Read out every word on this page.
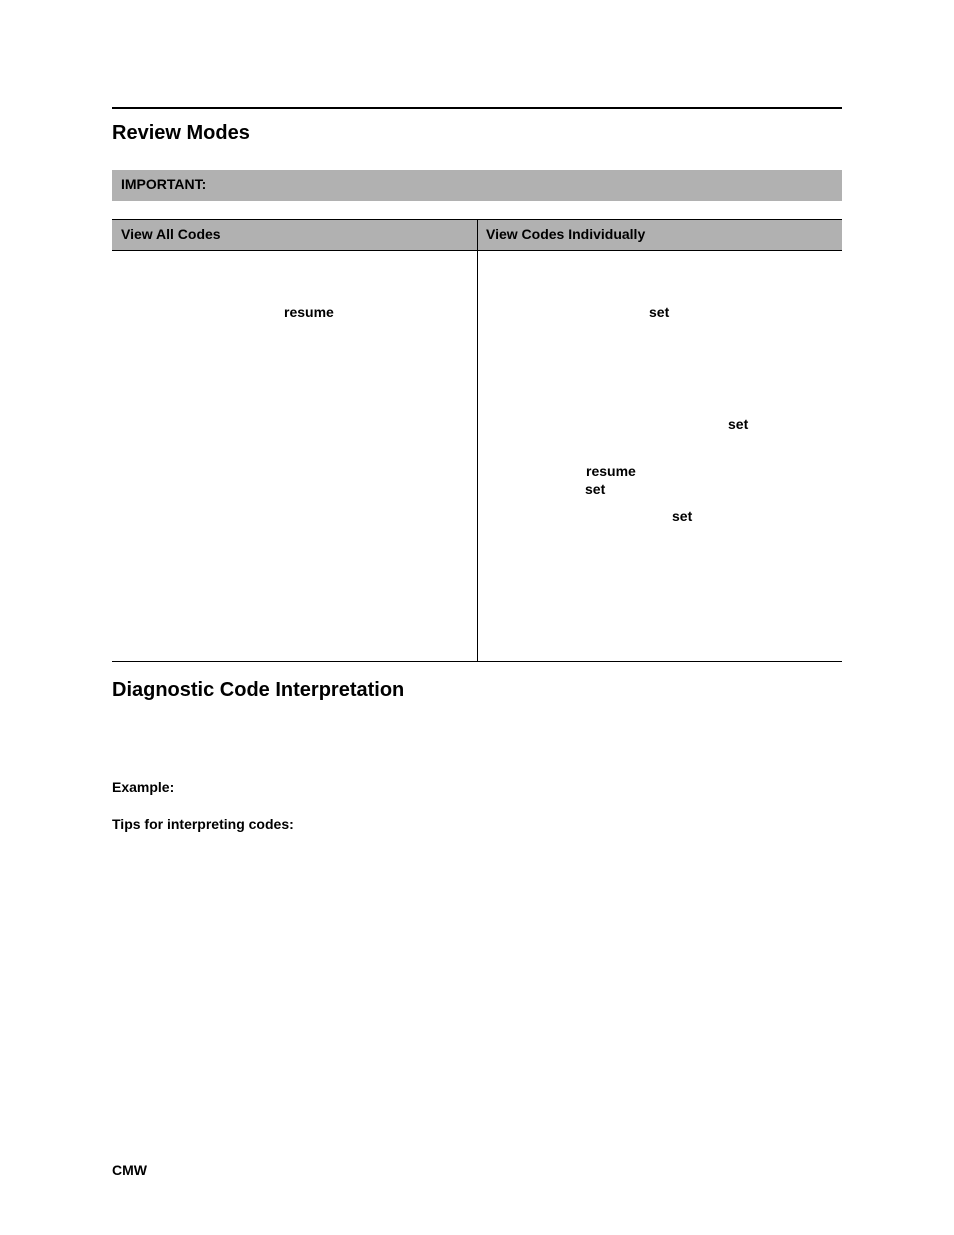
Review Modes
IMPORTANT:
View All Codes	View Codes Individually
resume	set
set
resume
set
set
Diagnostic Code Interpretation
Example:
Tips for interpreting codes:
CMW
